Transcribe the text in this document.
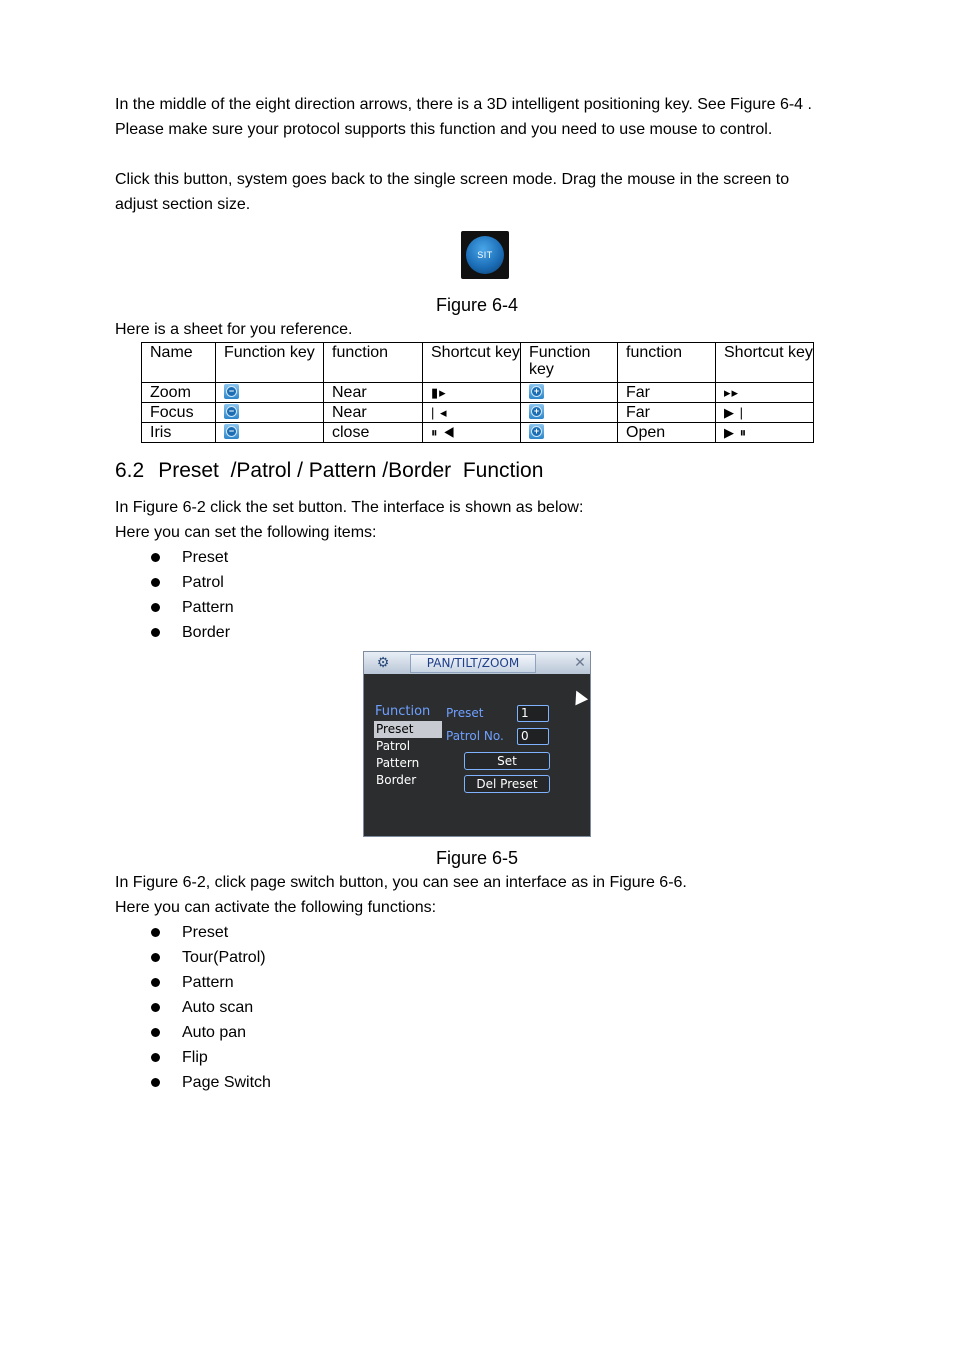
In the middle of the eight direction arrows, there is a 3D intelligent positioning key. See Figure 6-4 . Please make sure your protocol supports this function and you need to use mouse to control.
Click this button, system goes back to the single screen mode. Drag the mouse in the screen to adjust section size.
SIT
Figure 6-4
Here is a sheet for you reference.
Name	Function key	function	Shortcut key	Function key	function	Shortcut key
Zoom	−	Near	▮▸	+	Far	▸▸
Focus	−	Near	| ◂	+	Far	▶ |
Iris	−	close	⏸ ◀	+	Open	▶ ⏸
6.2 Preset  /Patrol / Pattern /Border  Function
In Figure 6-2 click the set button. The interface is shown as below:
Here you can set the following items:
Preset
Patrol
Pattern
Border
⚙	PAN/TILT/ZOOM	✕
Function
Preset
Patrol
Pattern
Border
Preset	1
Patrol No.	0
Set
Del Preset
Figure 6-5
In Figure 6-2, click page switch button, you can see an interface as in Figure 6-6.
Here you can activate the following functions:
Preset
Tour(Patrol)
Pattern
Auto scan
Auto pan
Flip
Page Switch
